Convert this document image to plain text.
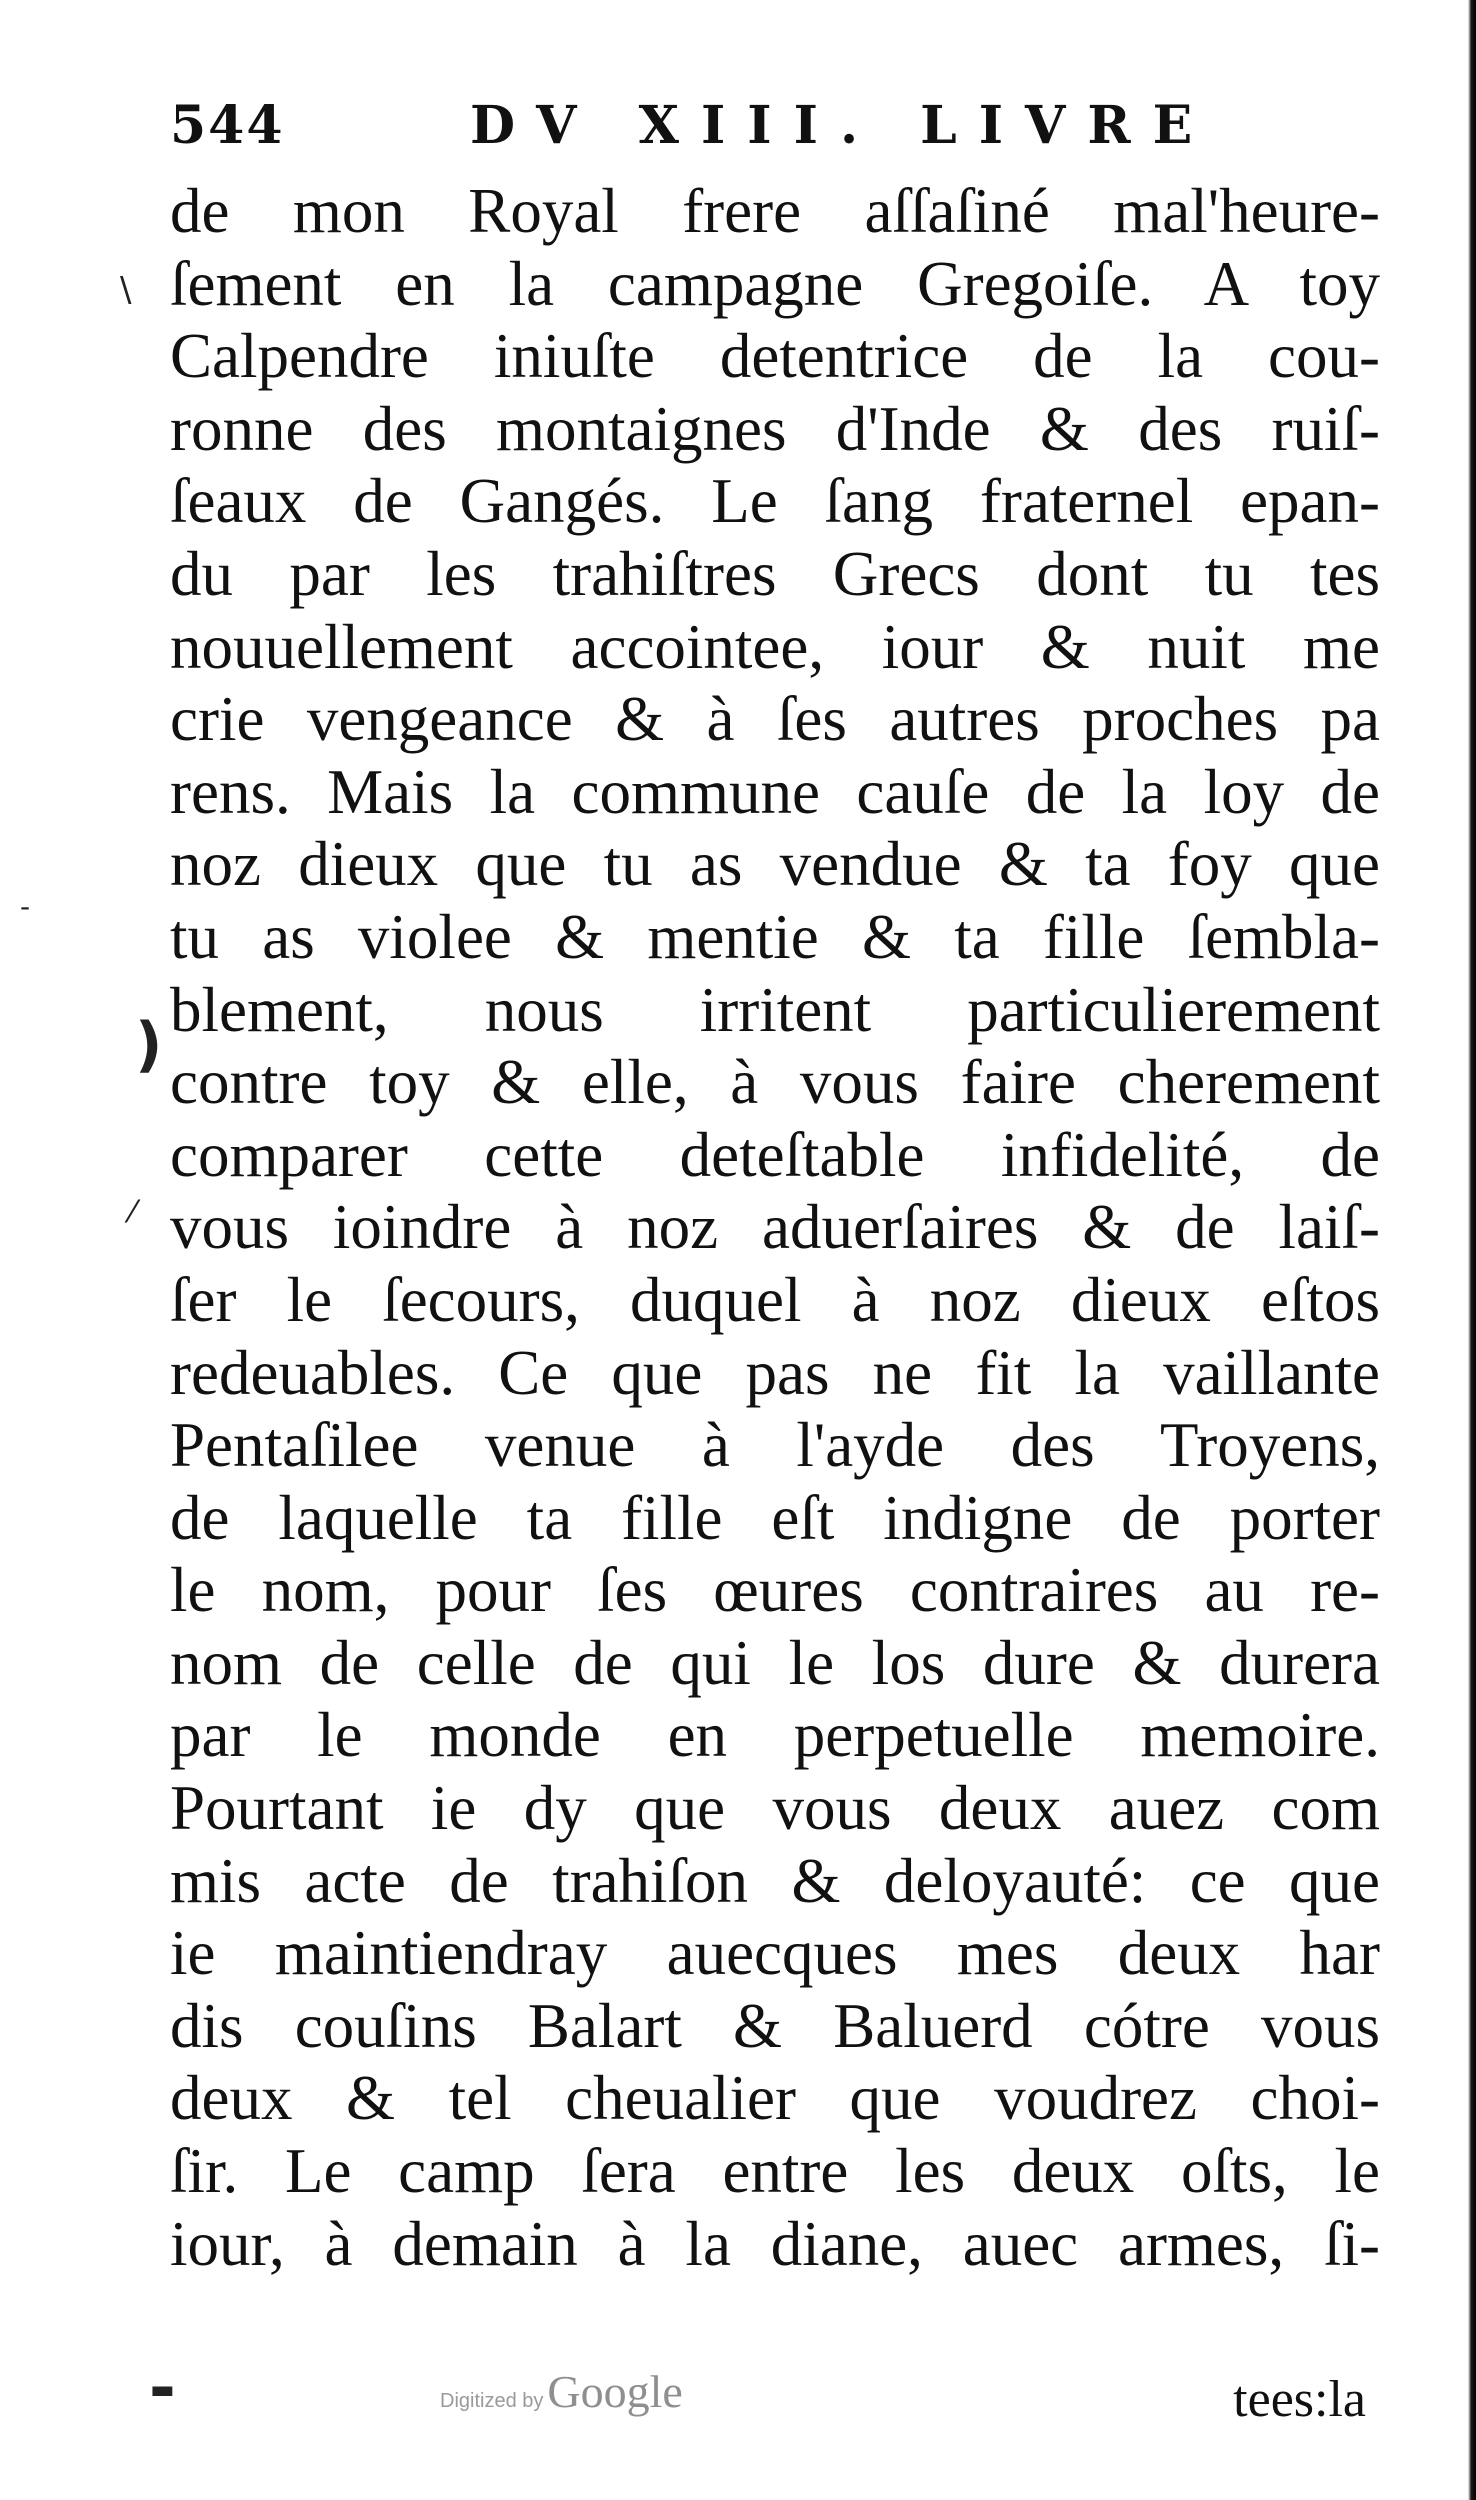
544	DV XIII. LIVRE
de mon Royal frere aſſaſiné mal'heure-
ſement en la campagne Gregoiſe. A toy
Calpendre iniuſte detentrice de la cou-
ronne des montaignes d'Inde & des ruiſ-
ſeaux de Gangés. Le ſang fraternel epan-
du par les trahiſtres Grecs dont tu tes
nouuellement accointee, iour & nuit me
crie vengeance & à ſes autres proches pa
rens. Mais la commune cauſe de la loy de
noz dieux que tu as vendue & ta foy que
tu as violee & mentie & ta fille ſembla-
blement, nous irritent particulierement
contre toy & elle, à vous faire cherement
comparer cette deteſtable infidelité, de
vous ioindre à noz aduerſaires & de laiſ-
ſer le ſecours, duquel à noz dieux eſtos
redeuables. Ce que pas ne fit la vaillante
Pentaſilee venue à l'ayde des Troyens,
de laquelle ta fille eſt indigne de porter
le nom, pour ſes œures contraires au re-
nom de celle de qui le los dure & durera
par le monde en perpetuelle memoire.
Pourtant ie dy que vous deux auez com
mis acte de trahiſon & deloyauté: ce que
ie maintiendray auecques mes deux har
dis couſins Balart & Baluerd cótre vous
deux & tel cheualier que voudrez choi-
ſir. Le camp ſera entre les deux oſts, le
iour, à demain à la diane, auec armes, ſi-
\
)
⁄
-
▬	Digitized by Google	tees:la
